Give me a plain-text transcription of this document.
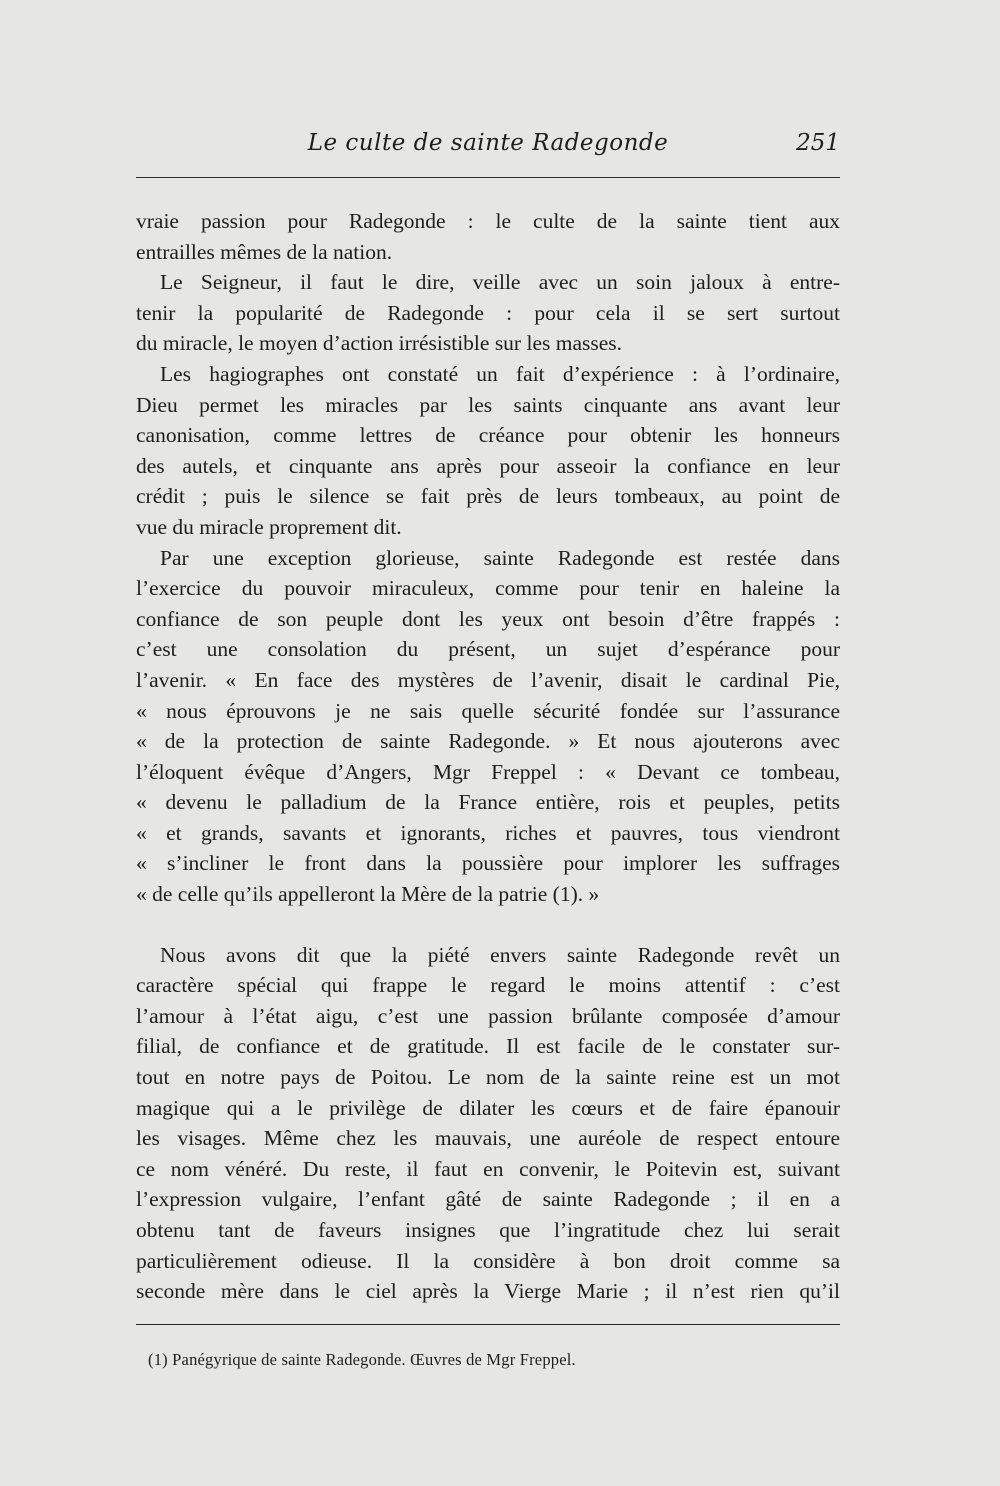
Le culte de sainte Radegonde	251

vraie passion pour Radegonde : le culte de la sainte tient aux
entrailles mêmes de la nation.

Le Seigneur, il faut le dire, veille avec un soin jaloux à entre-
tenir la popularité de Radegonde : pour cela il se sert surtout
du miracle, le moyen d’action irrésistible sur les masses.

Les hagiographes ont constaté un fait d’expérience : à l’ordinaire,
Dieu permet les miracles par les saints cinquante ans avant leur
canonisation, comme lettres de créance pour obtenir les honneurs
des autels, et cinquante ans après pour asseoir la confiance en leur
crédit ; puis le silence se fait près de leurs tombeaux, au point de
vue du miracle proprement dit.

Par une exception glorieuse, sainte Radegonde est restée dans
l’exercice du pouvoir miraculeux, comme pour tenir en haleine la
confiance de son peuple dont les yeux ont besoin d’être frappés :
c’est une consolation du présent, un sujet d’espérance pour
l’avenir. « En face des mystères de l’avenir, disait le cardinal Pie,
« nous éprouvons je ne sais quelle sécurité fondée sur l’assurance
« de la protection de sainte Radegonde. » Et nous ajouterons avec
l’éloquent évêque d’Angers, Mgr Freppel : « Devant ce tombeau,
« devenu le palladium de la France entière, rois et peuples, petits
« et grands, savants et ignorants, riches et pauvres, tous viendront
« s’incliner le front dans la poussière pour implorer les suffrages
« de celle qu’ils appelleront la Mère de la patrie (1). »

Nous avons dit que la piété envers sainte Radegonde revêt un
caractère spécial qui frappe le regard le moins attentif : c’est
l’amour à l’état aigu, c’est une passion brûlante composée d’amour
filial, de confiance et de gratitude. Il est facile de le constater sur-
tout en notre pays de Poitou. Le nom de la sainte reine est un mot
magique qui a le privilège de dilater les cœurs et de faire épanouir
les visages. Même chez les mauvais, une auréole de respect entoure
ce nom vénéré. Du reste, il faut en convenir, le Poitevin est, suivant
l’expression vulgaire, l’enfant gâté de sainte Radegonde ; il en a
obtenu tant de faveurs insignes que l’ingratitude chez lui serait
particulièrement odieuse. Il la considère à bon droit comme sa
seconde mère dans le ciel après la Vierge Marie ; il n’est rien qu’il

(1) Panégyrique de sainte Radegonde. Œuvres de Mgr Freppel.
